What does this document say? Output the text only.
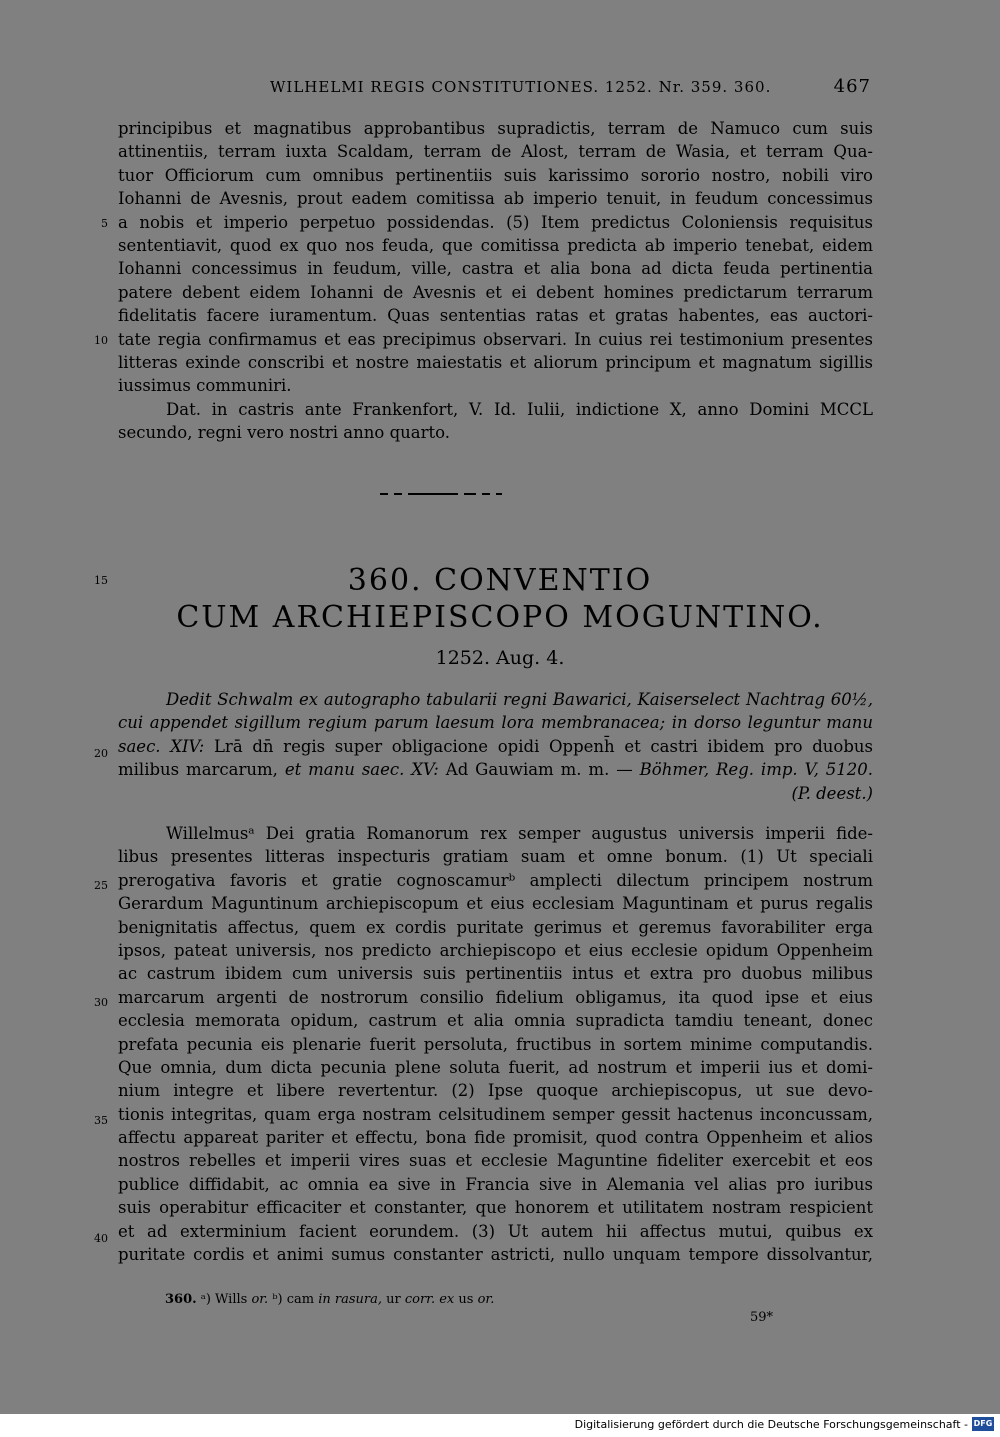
WILHELMI REGIS CONSTITUTIONES. 1252. Nr. 359. 360.	467
principibus et magnatibus approbantibus supradictis, terram de Namuco cum suis
attinentiis, terram iuxta Scaldam, terram de Alost, terram de Wasia, et terram Qua-
tuor Officiorum cum omnibus pertinentiis suis karissimo sororio nostro, nobili viro
Iohanni de Avesnis, prout eadem comitissa ab imperio tenuit, in feudum concessimus
a nobis et imperio perpetuo possidendas. (5) Item predictus Coloniensis requisitus
sententiavit, quod ex quo nos feuda, que comitissa predicta ab imperio tenebat, eidem
Iohanni concessimus in feudum, ville, castra et alia bona ad dicta feuda pertinentia
patere debent eidem Iohanni de Avesnis et ei debent homines predictarum terrarum
fidelitatis facere iuramentum. Quas sententias ratas et gratas habentes, eas auctori-
tate regia confirmamus et eas precipimus observari. In cuius rei testimonium presentes
litteras exinde conscribi et nostre maiestatis et aliorum principum et magnatum sigillis
iussimus communiri.
Dat. in castris ante Frankenfort, V. Id. Iulii, indictione X, anno Domini MCCL
secundo, regni vero nostri anno quarto.
5
10
15
20
25
30
35
40
360. CONVENTIO
CUM ARCHIEPISCOPO MOGUNTINO.
1252. Aug. 4.
Dedit Schwalm ex autographo tabularii regni Bawarici, Kaiserselect Nachtrag 60½,
cui appendet sigillum regium parum laesum lora membranacea; in dorso leguntur manu
saec. XIV: Lrā dn̄ regis super obligacione opidi Oppenh̄ et castri ibidem pro duobus
milibus marcarum, et manu saec. XV: Ad Gauwiam m. m. — Böhmer, Reg. imp. V, 5120.
(P. deest.)
Willelmusᵃ Dei gratia Romanorum rex semper augustus universis imperii fide-
libus presentes litteras inspecturis gratiam suam et omne bonum. (1) Ut speciali
prerogativa favoris et gratie cognoscamurᵇ amplecti dilectum principem nostrum
Gerardum Maguntinum archiepiscopum et eius ecclesiam Maguntinam et purus regalis
benignitatis affectus, quem ex cordis puritate gerimus et geremus favorabiliter erga
ipsos, pateat universis, nos predicto archiepiscopo et eius ecclesie opidum Oppenheim
ac castrum ibidem cum universis suis pertinentiis intus et extra pro duobus milibus
marcarum argenti de nostrorum consilio fidelium obligamus, ita quod ipse et eius
ecclesia memorata opidum, castrum et alia omnia supradicta tamdiu teneant, donec
prefata pecunia eis plenarie fuerit persoluta, fructibus in sortem minime computandis.
Que omnia, dum dicta pecunia plene soluta fuerit, ad nostrum et imperii ius et domi-
nium integre et libere revertentur. (2) Ipse quoque archiepiscopus, ut sue devo-
tionis integritas, quam erga nostram celsitudinem semper gessit hactenus inconcussam,
affectu appareat pariter et effectu, bona fide promisit, quod contra Oppenheim et alios
nostros rebelles et imperii vires suas et ecclesie Maguntine fideliter exercebit et eos
publice diffidabit, ac omnia ea sive in Francia sive in Alemania vel alias pro iuribus
suis operabitur efficaciter et constanter, que honorem et utilitatem nostram respicient
et ad exterminium facient eorundem. (3) Ut autem hii affectus mutui, quibus ex
puritate cordis et animi sumus constanter astricti, nullo unquam tempore dissolvantur,
360. ᵃ) Wills or. ᵇ) cam in rasura, ur corr. ex us or.
59*
Digitalisierung gefördert durch die Deutsche Forschungsgemeinschaft - DFG
